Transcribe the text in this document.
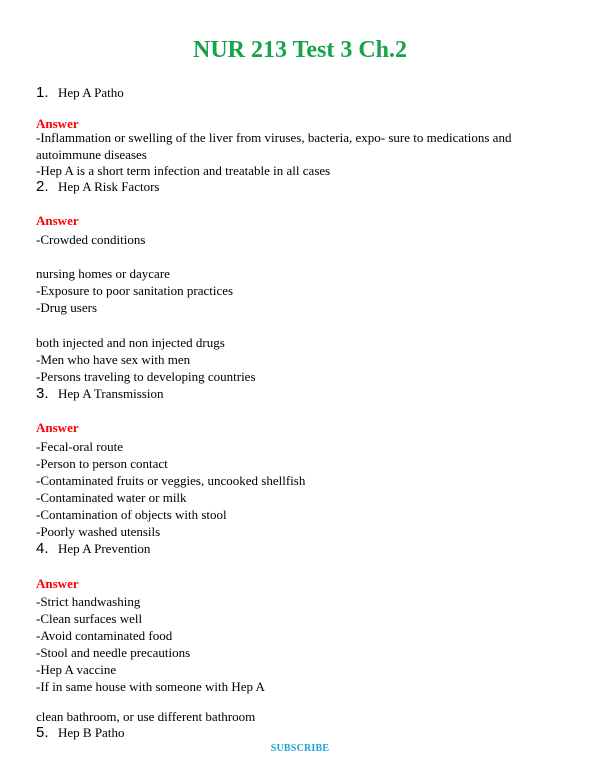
NUR 213 Test 3 Ch.2
1. Hep A Patho
Answer
-Inflammation or swelling of the liver from viruses, bacteria, expo- sure to medications and autoimmune diseases
-Hep A is a short term infection and treatable in all cases
2. Hep A Risk Factors
Answer
-Crowded conditions
nursing homes or daycare
-Exposure to poor sanitation practices
-Drug users
both injected and non injected drugs
-Men who have sex with men
-Persons traveling to developing countries
3. Hep A Transmission
Answer
-Fecal-oral route
-Person to person contact
-Contaminated fruits or veggies, uncooked shellfish
-Contaminated water or milk
-Contamination of objects with stool
-Poorly washed utensils
4. Hep A Prevention
Answer
-Strict handwashing
-Clean surfaces well
-Avoid contaminated food
-Stool and needle precautions
-Hep A vaccine
-If in same house with someone with Hep A
clean bathroom, or use different bathroom
5. Hep B Patho
SUBSCRIBE
